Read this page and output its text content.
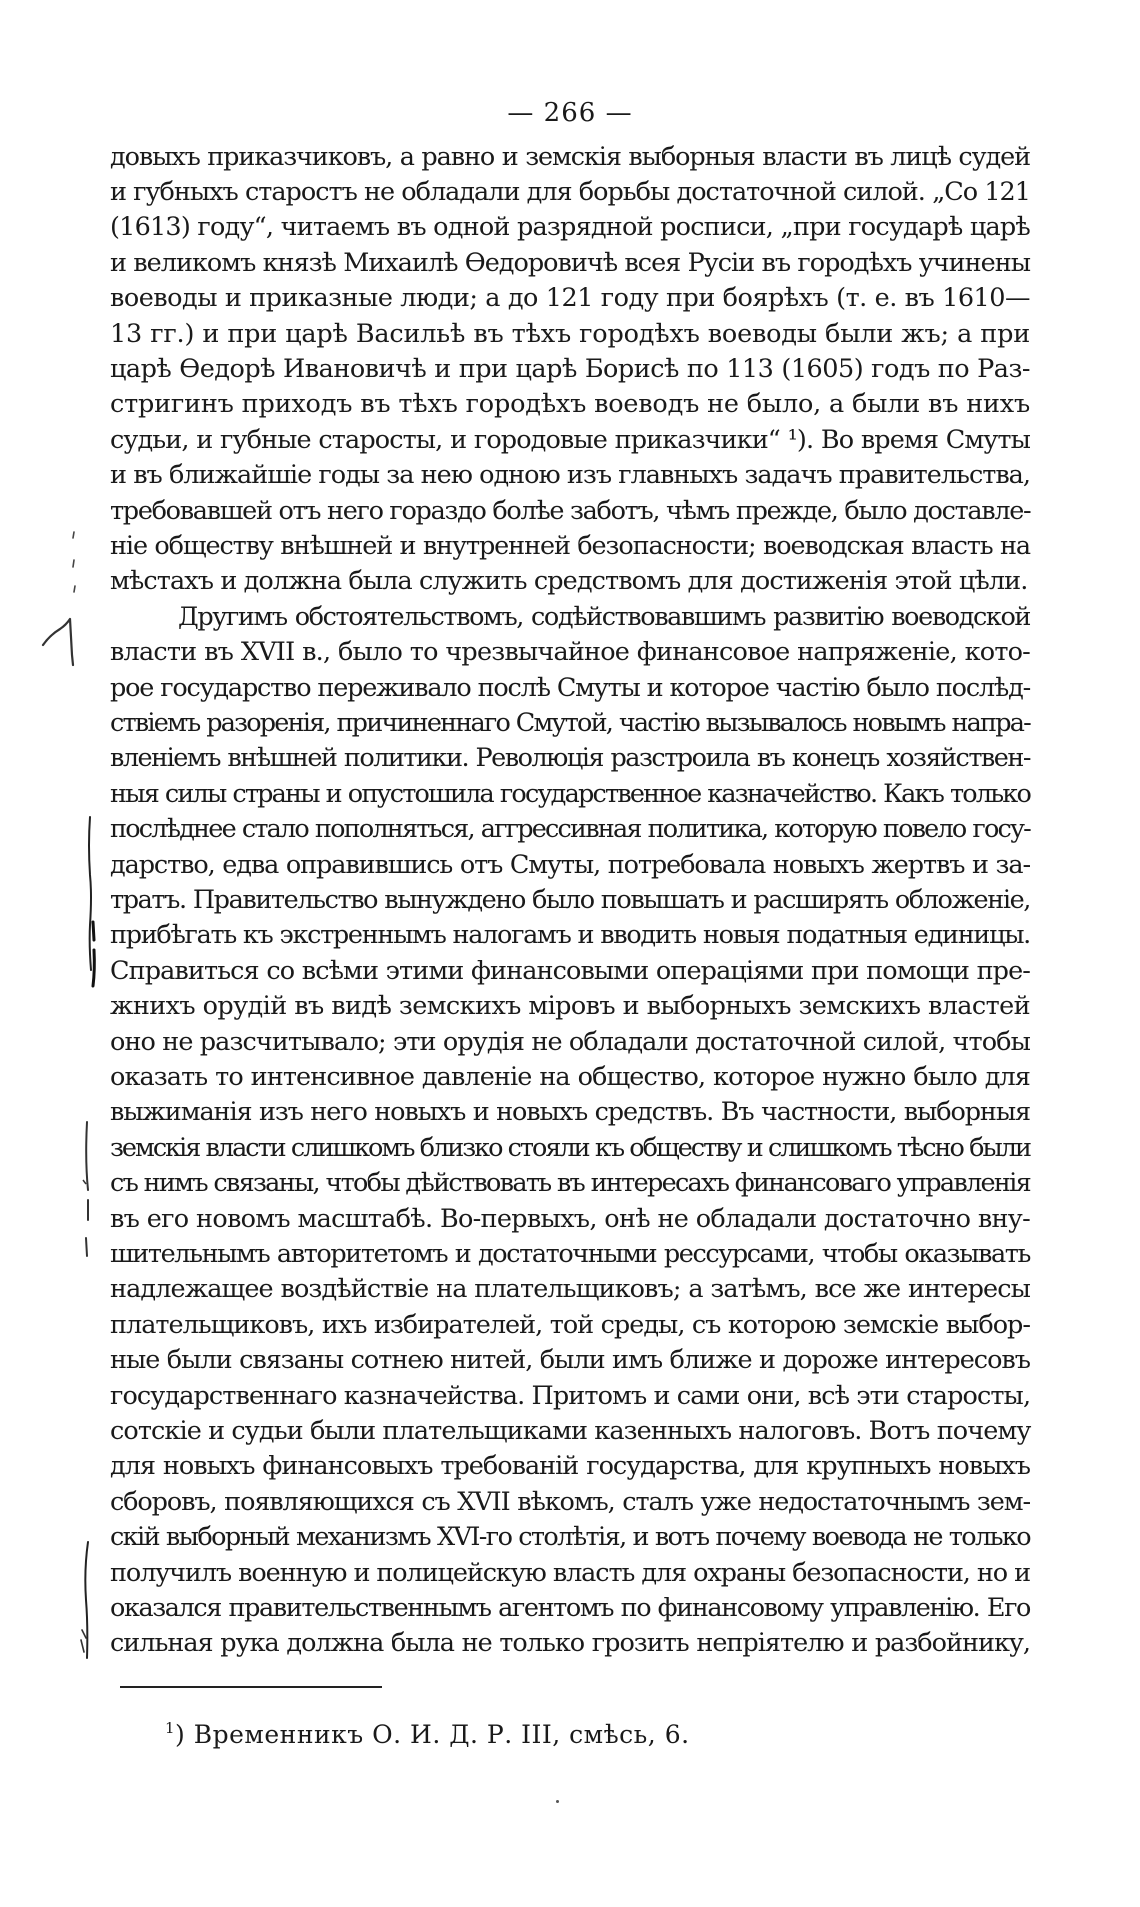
— 266 —
довыхъ приказчиковъ, а равно и земскія выборныя власти въ лицѣ судей
и губныхъ старостъ не обладали для борьбы достаточной силой. „Со 121
(1613) году“, читаемъ въ одной разрядной росписи, „при государѣ царѣ
и великомъ князѣ Михаилѣ Ѳедоровичѣ всея Русіи въ городѣхъ учинены
воеводы и приказные люди; а до 121 году при боярѣхъ (т. е. въ 1610—
13 гг.) и при царѣ Васильѣ въ тѣхъ городѣхъ воеводы были жъ; а при
царѣ Ѳедорѣ Ивановичѣ и при царѣ Борисѣ по 113 (1605) годъ по Раз-
стригинъ приходъ въ тѣхъ городѣхъ воеводъ не было, а были въ нихъ
судьи, и губные старосты, и городовые приказчики“ ¹). Во время Смуты
и въ ближайшіе годы за нею одною изъ главныхъ задачъ правительства,
требовавшей отъ него гораздо болѣе заботъ, чѣмъ прежде, было доставле-
ніе обществу внѣшней и внутренней безопасности; воеводская власть на
мѣстахъ и должна была служить средствомъ для достиженія этой цѣли.
Другимъ обстоятельствомъ, содѣйствовавшимъ развитію воеводской
власти въ XVII в., было то чрезвычайное финансовое напряженіе, кото-
рое государство переживало послѣ Смуты и которое частію было послѣд-
ствіемъ разоренія, причиненнаго Смутой, частію вызывалось новымъ напра-
вленіемъ внѣшней политики. Революція разстроила въ конецъ хозяйствен-
ныя силы страны и опустошила государственное казначейство. Какъ только
послѣднее стало пополняться, аггрессивная политика, которую повело госу-
дарство, едва оправившись отъ Смуты, потребовала новыхъ жертвъ и за-
тратъ. Правительство вынуждено было повышать и расширять обложеніе,
прибѣгать къ экстреннымъ налогамъ и вводить новыя податныя единицы.
Справиться со всѣми этими финансовыми операціями при помощи пре-
жнихъ орудій въ видѣ земскихъ міровъ и выборныхъ земскихъ властей
оно не разсчитывало; эти орудія не обладали достаточной силой, чтобы
оказать то интенсивное давленіе на общество, которое нужно было для
выжиманія изъ него новыхъ и новыхъ средствъ. Въ частности, выборныя
земскія власти слишкомъ близко стояли къ обществу и слишкомъ тѣсно были
съ нимъ связаны, чтобы дѣйствовать въ интересахъ финансоваго управленія
въ его новомъ масштабѣ. Во-первыхъ, онѣ не обладали достаточно вну-
шительнымъ авторитетомъ и достаточными рессурсами, чтобы оказывать
надлежащее воздѣйствіе на плательщиковъ; а затѣмъ, все же интересы
плательщиковъ, ихъ избирателей, той среды, съ которою земскіе выбор-
ные были связаны сотнею нитей, были имъ ближе и дороже интересовъ
государственнаго казначейства. Притомъ и сами они, всѣ эти старосты,
сотскіе и судьи были плательщиками казенныхъ налоговъ. Вотъ почему
для новыхъ финансовыхъ требованій государства, для крупныхъ новыхъ
сборовъ, появляющихся съ XVII вѣкомъ, сталъ уже недостаточнымъ зем-
скій выборный механизмъ XVI-го столѣтія, и вотъ почему воевода не только
получилъ военную и полицейскую власть для охраны безопасности, но и
оказался правительственнымъ агентомъ по финансовому управленію. Его
сильная рука должна была не только грозить непріятелю и разбойнику,
$^1$) Временникъ О. И. Д. Р. III, смѣсь, 6.
